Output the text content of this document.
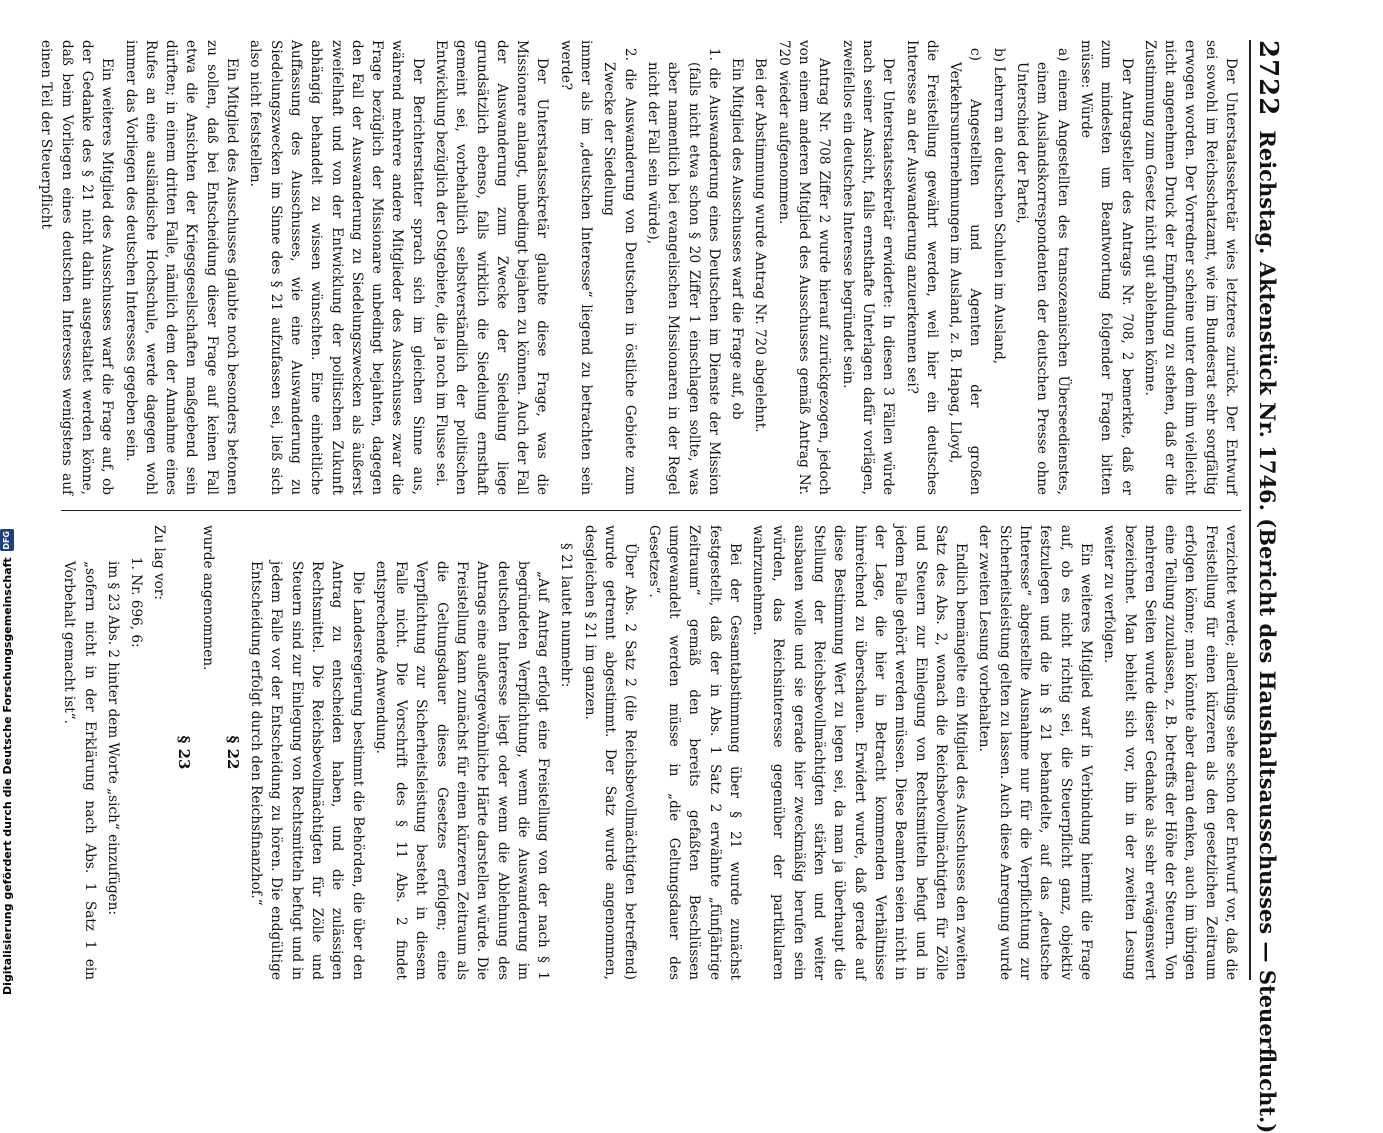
2722
Reichstag. Aktenstück Nr. 1746. (Bericht des Haushaltsausschusses — Steuerflucht.)

Der Unterstaatssekretär wies letzteres zurück. Der Entwurf sei sowohl im Reichsschatzamt, wie im Bundesrat sehr sorgfältig erwogen worden. Der Vorredner scheine unter dem ihm vielleicht nicht angenehmen Druck der Empfindung zu stehen, daß er die Zustimmung zum Gesetz nicht gut ablehnen könne.

Der Antragsteller des Antrags Nr. 708, 2 bemerkte, daß er zum mindesten um Beantwortung folgender Fragen bitten müsse: Würde

a) einem Angestellten des transozeanischen Überseedienstes, einem Auslandskorrespondenten der deutschen Presse ohne Unterschied der Partei,

b) Lehrern an deutschen Schulen im Ausland,

c) Angestellten und Agenten der großen Verkehrsunternehmungen im Ausland, z. B. Hapag, Lloyd,

die Freistellung gewährt werden, weil hier ein deutsches Interesse an der Auswanderung anzuerkennen sei?

Der Unterstaatssekretär erwiderte: In diesen 3 Fällen würde nach seiner Ansicht, falls ernsthafte Unterlagen dafür vorlägen, zweifellos ein deutsches Interesse begründet sein.

Antrag Nr. 708 Ziffer 2 wurde hierauf zurückgezogen, jedoch von einem anderen Mitglied des Ausschusses gemäß Antrag Nr. 720 wieder aufgenommen.

Bei der Abstimmung wurde Antrag Nr. 720 abgelehnt.

Ein Mitglied des Ausschusses warf die Frage auf, ob

1. die Auswanderung eines Deutschen im Dienste der Mission (falls nicht etwa schon § 20 Ziffer 1 einschlagen sollte, was aber namentlich bei evangelischen Missionaren in der Regel nicht der Fall sein würde),

2. die Auswanderung von Deutschen in östliche Gebiete zum Zwecke der Siedelung

immer als im „deutschen Interesse“ liegend zu betrachten sein werde?

Der Unterstaatssekretär glaubte diese Frage, was die Missionare anlangt, unbedingt bejahen zu können. Auch der Fall der Auswanderung zum Zwecke der Siedelung liege grundsätzlich ebenso, falls wirklich die Siedelung ernsthaft gemeint sei, vorbehaltlich selbstverständlich der politischen Entwicklung bezüglich der Ostgebiete, die ja noch im Flusse sei.

Der Berichterstatter sprach sich im gleichen Sinne aus, während mehrere andere Mitglieder des Ausschusses zwar die Frage bezüglich der Missionare unbedingt bejahten, dagegen den Fall der Auswanderung zu Siedelungszwecken als äußerst zweifelhaft und von der Entwicklung der politischen Zukunft abhängig behandelt zu wissen wünschten. Eine einheitliche Auffassung des Ausschusses, wie eine Auswanderung zu Siedelungszwecken im Sinne des § 21 aufzufassen sei, ließ sich also nicht feststellen.

Ein Mitglied des Ausschusses glaubte noch besonders betonen zu sollen, daß bei Entscheidung dieser Frage auf keinen Fall etwa die Ansichten der Kriegsgesellschaften maßgebend sein dürften; in einem dritten Falle, nämlich dem der Annahme eines Rufes an eine ausländische Hochschule, werde dagegen wohl immer das Vorliegen des deutschen Interesses gegeben sein.

Ein weiteres Mitglied des Ausschusses warf die Frage auf, ob der Gedanke des § 21 nicht dahin ausgestaltet werden könne, daß beim Vorliegen eines deutschen Interesses wenigstens auf einen Teil der Steuerpflicht

verzichtet werde; allerdings sehe schon der Entwurf vor, daß die Freistellung für einen kürzeren als den gesetzlichen Zeitraum erfolgen könne; man könnte aber daran denken, auch im übrigen eine Teilung zuzulassen, z. B. betreffs der Höhe der Steuern. Von mehreren Seiten wurde dieser Gedanke als sehr erwägenswert bezeichnet. Man behielt sich vor, ihn in der zweiten Lesung weiter zu verfolgen.

Ein weiteres Mitglied warf in Verbindung hiermit die Frage auf, ob es nicht richtig sei, die Steuerpflicht ganz, objektiv festzulegen und die in § 21 behandelte, auf das „deutsche Interesse“ abgestellte Ausnahme nur für die Verpflichtung zur Sicherheitsleistung gelten zu lassen. Auch diese Anregung wurde der zweiten Lesung vorbehalten.

Endlich bemängelte ein Mitglied des Ausschusses den zweiten Satz des Abs. 2, wonach die Reichsbevollmächtigten für Zölle und Steuern zur Einlegung von Rechtsmitteln befugt und in jedem Falle gehört werden müssen. Diese Beamten seien nicht in der Lage, die hier in Betracht kommenden Verhältnisse hinreichend zu überschauen. Erwidert wurde, daß gerade auf diese Bestimmung Wert zu legen sei, da man ja überhaupt die Stellung der Reichsbevollmächtigten stärken und weiter ausbauen wolle und sie gerade hier zweckmäßig berufen sein würden, das Reichsinteresse gegenüber der partikularen wahrzunehmen.

Bei der Gesamtabstimmung über § 21 wurde zunächst festgestellt, daß der in Abs. 1 Satz 2 erwähnte „fünfjährige Zeitraum“ gemäß den bereits gefaßten Beschlüssen umgewandelt werden müsse in „die Geltungsdauer des Gesetzes“.

Über Abs. 2 Satz 2 (die Reichsbevollmächtigten betreffend) wurde getrennt abgestimmt. Der Satz wurde angenommen, desgleichen § 21 im ganzen.

§ 21 lautet nunmehr:

„Auf Antrag erfolgt eine Freistellung von der nach § 1 begründeten Verpflichtung, wenn die Auswanderung im deutschen Interesse liegt oder wenn die Ablehnung des Antrags eine außergewöhnliche Härte darstellen würde. Die Freistellung kann zunächst für einen kürzeren Zeitraum als die Geltungsdauer dieses Gesetzes erfolgen; eine Verpflichtung zur Sicherheitsleistung besteht in diesem Falle nicht. Die Vorschrift des § 11 Abs. 2 findet entsprechende Anwendung.

Die Landesregierung bestimmt die Behörden, die über den Antrag zu entscheiden haben, und die zulässigen Rechtsmittel. Die Reichsbevollmächtigten für Zölle und Steuern sind zur Einlegung von Rechtsmitteln befugt und in jedem Falle vor der Entscheidung zu hören. Die endgültige Entscheidung erfolgt durch den Reichsfinanzhof.“

§ 22

wurde angenommen.

§ 23

Zu lag vor:

1. Nr. 696, 6:

im § 23 Abs. 2 hinter dem Worte „sich“ einzufügen:

„sofern nicht in der Erklärung nach Abs. 1 Satz 1 ein Vorbehalt gemacht ist“.

Digitalisierung gefördert durch die Deutsche Forschungsgemeinschaft
DFG
